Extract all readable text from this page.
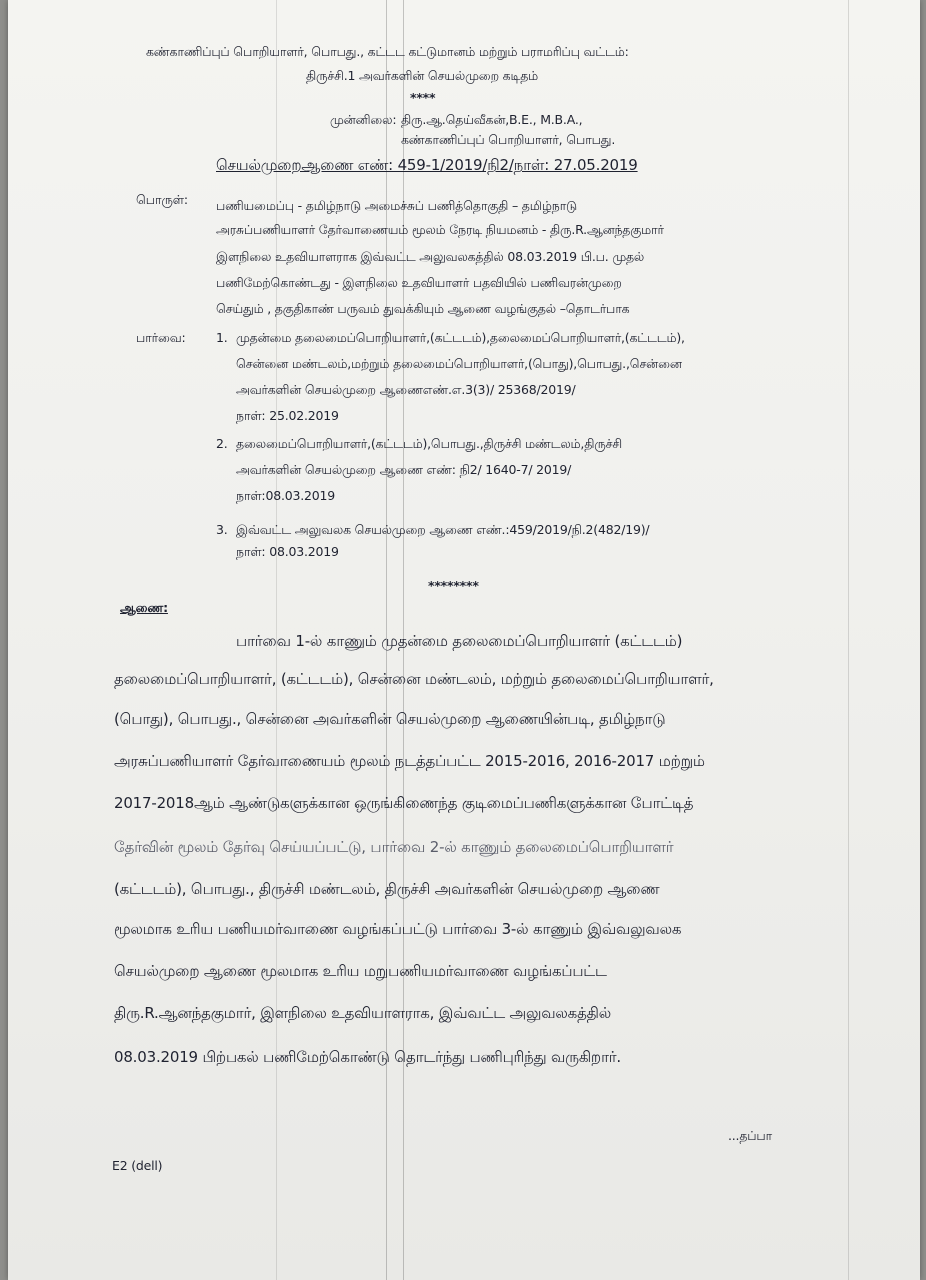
கண்காணிப்புப் பொறியாளர், பொபது., கட்டட கட்டுமானம் மற்றும் பராமரிப்பு வட்டம்:
திருச்சி.1 அவர்களின் செயல்முறை கடிதம்
****
முன்னிலை: திரு.ஆ.தெய்வீகன்,B.E., M.B.A.,
கண்காணிப்புப் பொறியாளர், பொபது.
செயல்முறைஆணை எண்: 459-1/2019/நி2/நாள்: 27.05.2019
பொருள்: பணியமைப்பு - தமிழ்நாடு அமைச்சுப் பணித்தொகுதி – தமிழ்நாடு
அரசுப்பணியாளர் தேர்வாணையம் மூலம் நேரடி நியமனம் - திரு.R.ஆனந்தகுமார்
இளநிலை உதவியாளராக இவ்வட்ட அலுவலகத்தில் 08.03.2019 பி.ப. முதல்
பணிமேற்கொண்டது - இளநிலை உதவியாளர் பதவியில் பணிவரன்முறை
செய்தும் , தகுதிகாண் பருவம் துவக்கியும் ஆணை வழங்குதல் –தொடர்பாக
பார்வை: 1. முதன்மை தலைமைப்பொறியாளர்,(கட்டடம்),தலைமைப்பொறியாளர்,(கட்டடம்),
சென்னை மண்டலம்,மற்றும் தலைமைப்பொறியாளர்,(பொது),பொபது.,சென்னை
அவர்களின் செயல்முறை ஆணைஎண்.எ.3(3)/ 25368/2019/
நாள்: 25.02.2019
2. தலைமைப்பொறியாளர்,(கட்டடம்),பொபது.,திருச்சி மண்டலம்,திருச்சி
அவர்களின் செயல்முறை ஆணை எண்: நி2/ 1640-7/ 2019/
நாள்:08.03.2019
3. இவ்வட்ட அலுவலக செயல்முறை ஆணை எண்.:459/2019/நி.2(482/19)/
நாள்: 08.03.2019
********
ஆணை:
பார்வை 1-ல் காணும் முதன்மை தலைமைப்பொறியாளர் (கட்டடம்)
தலைமைப்பொறியாளர், (கட்டடம்), சென்னை மண்டலம், மற்றும் தலைமைப்பொறியாளர்,
(பொது), பொபது., சென்னை அவர்களின் செயல்முறை ஆணையின்படி, தமிழ்நாடு
அரசுப்பணியாளர் தேர்வாணையம் மூலம் நடத்தப்பட்ட 2015-2016, 2016-2017 மற்றும்
2017-2018ஆம் ஆண்டுகளுக்கான ஒருங்கிணைந்த குடிமைப்பணிகளுக்கான போட்டித்
தேர்வின் மூலம் தேர்வு செய்யப்பட்டு, பார்வை 2-ல் காணும் தலைமைப்பொறியாளர்
(கட்டடம்), பொபது., திருச்சி மண்டலம், திருச்சி அவர்களின் செயல்முறை ஆணை
மூலமாக உரிய பணியமர்வாணை வழங்கப்பட்டு பார்வை 3-ல் காணும் இவ்வலுவலக
செயல்முறை ஆணை மூலமாக உரிய மறுபணியமர்வாணை வழங்கப்பட்ட
திரு.R.ஆனந்தகுமார், இளநிலை உதவியாளராக, இவ்வட்ட அலுவலகத்தில்
08.03.2019 பிற்பகல் பணிமேற்கொண்டு தொடர்ந்து பணிபுரிந்து வருகிறார்.
...தப்பா
E2 (dell)
